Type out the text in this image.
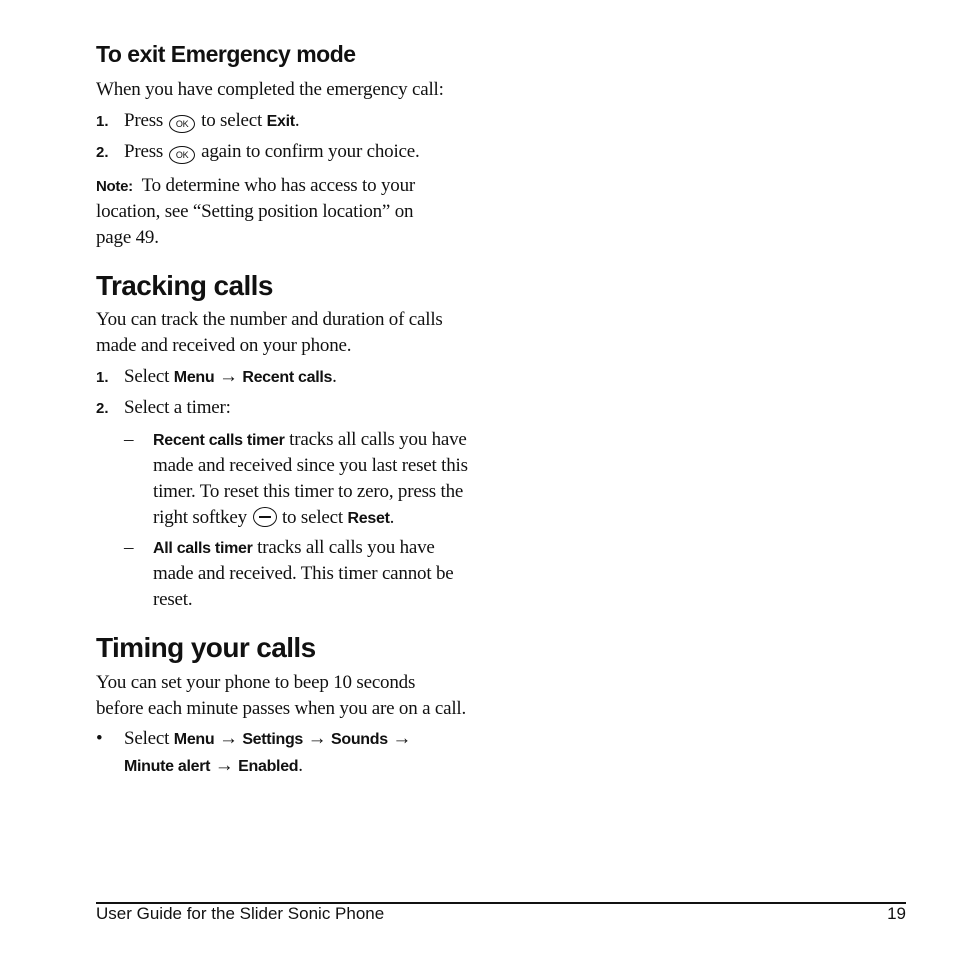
To exit Emergency mode

When you have completed the emergency call:

1. Press OK to select Exit.
2. Press OK again to confirm your choice.
Note: To determine who has access to your
location, see “Setting position location” on
page 49.
Tracking calls

You can track the number and duration of calls

made and received on your phone.

1. Select Menu → Recent calls.
2. Select a timer:
– Recent calls timer tracks all calls you have
made and received since you last reset this
timer. To reset this timer to zero, press the
right softkey to select Reset.
– All calls timer tracks all calls you have
made and received. This timer cannot be
reset.
Timing your calls

You can set your phone to beep 10 seconds

before each minute passes when you are on a call.

• Select Menu → Settings → Sounds →
Minute alert → Enabled.
User Guide for the Slider Sonic Phone	19
